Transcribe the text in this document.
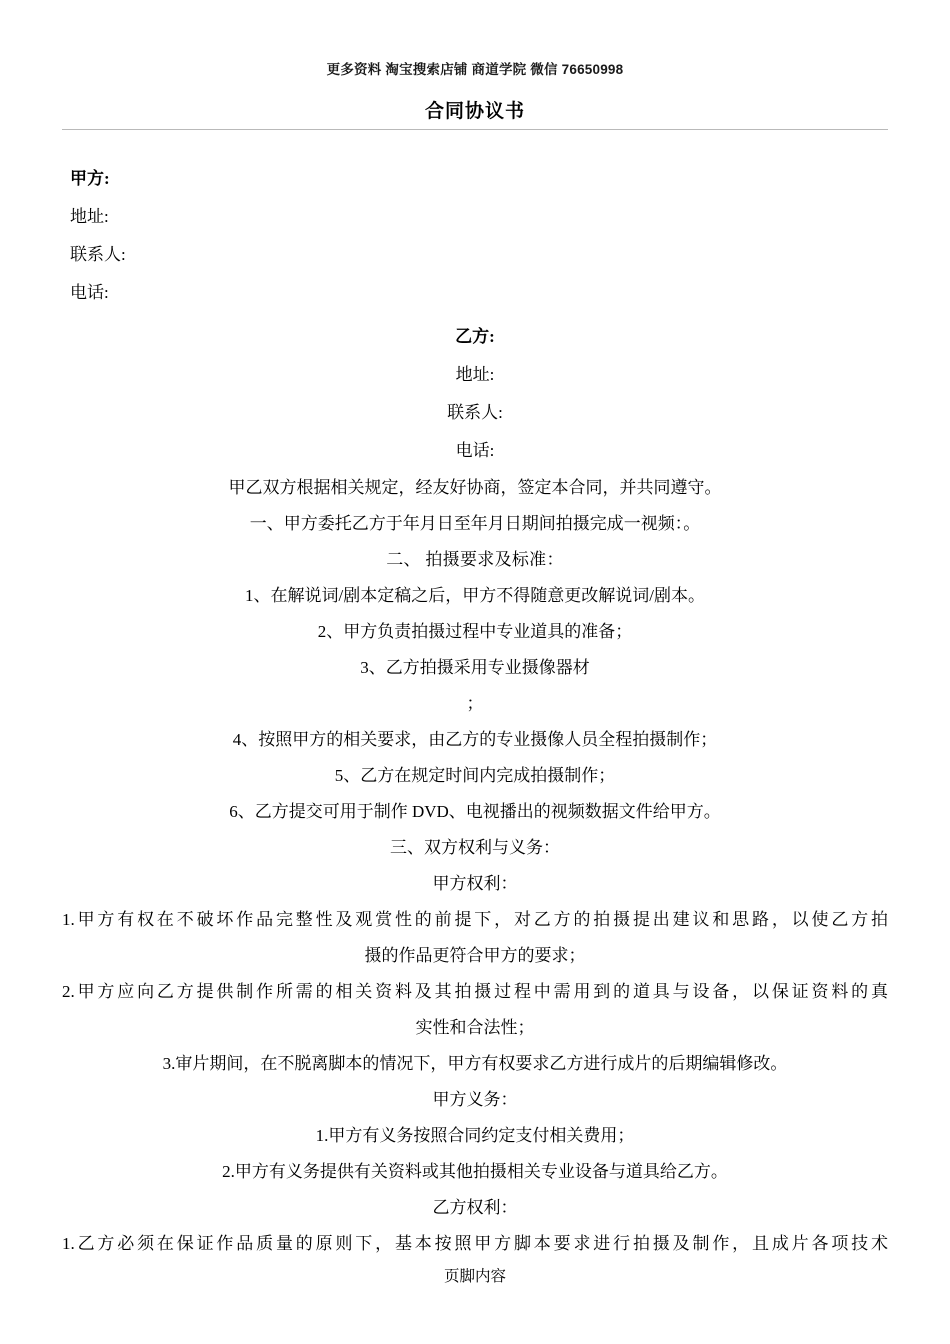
更多资料 淘宝搜索店铺 商道学院 微信 76650998
合同协议书
甲方:
地址:
联系人:
电话:
乙方:
地址:
联系人:
电话:

甲乙双方根据相关规定，经友好协商，签定本合同，并共同遵守。

一、甲方委托乙方于年月日至年月日期间拍摄完成一视频：。

二、 拍摄要求及标准：

1、在解说词/剧本定稿之后，甲方不得随意更改解说词/剧本。

2、甲方负责拍摄过程中专业道具的准备；

3、乙方拍摄采用专业摄像器材

；

4、按照甲方的相关要求，由乙方的专业摄像人员全程拍摄制作；

5、乙方在规定时间内完成拍摄制作；

6、乙方提交可用于制作 DVD、电视播出的视频数据文件给甲方。

三、双方权利与义务：

甲方权利：

1.甲方有权在不破坏作品完整性及观赏性的前提下，对乙方的拍摄提出建议和思路，以使乙方拍
摄的作品更符合甲方的要求；
2.甲方应向乙方提供制作所需的相关资料及其拍摄过程中需用到的道具与设备，以保证资料的真
实性和合法性；

3.审片期间，在不脱离脚本的情况下，甲方有权要求乙方进行成片的后期编辑修改。

甲方义务：

1.甲方有义务按照合同约定支付相关费用；

2.甲方有义务提供有关资料或其他拍摄相关专业设备与道具给乙方。

乙方权利：

1.乙方必须在保证作品质量的原则下，基本按照甲方脚本要求进行拍摄及制作，且成片各项技术
页脚内容
